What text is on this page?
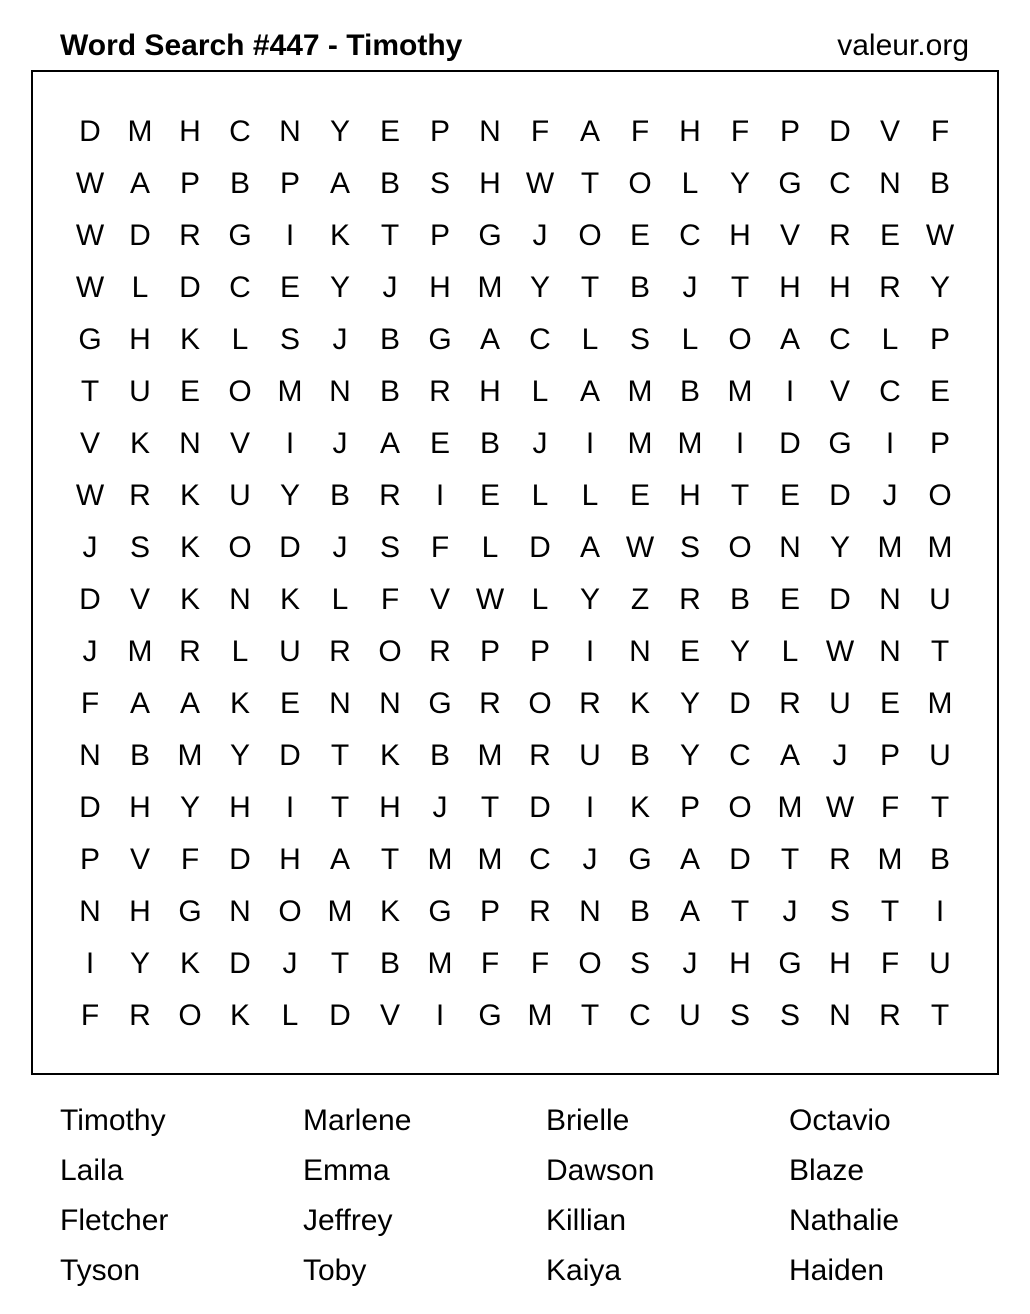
Word Search #447 - Timothy	valeur.org
D M H C N Y E P N	F	A	F	H	F	P D V	F
W A P B P A B S H W T O L	Y G C N B
W D R G	I	K	T	P G	J	O E C H V R E W
W L	D C E Y	J	H M Y	T	B	J	T	H H R Y
G H K	L	S	J	B G A C	L	S	L O A C	L	P
T	U E O M N B R H	L	A M B M	I	V C E
V K N V	I	J	A E B	J	I	M M	I	D G	I	P
W R K U Y B R	I	E	L	L	E H	T	E D	J	O
J	S K O D	J	S	F	L	D A W S O N Y M M
D V K N K	L	F	V W L	Y	Z	R B E D N U
J	M R	L	U R O R P P	I	N E Y	L W N	T
F	A A K E N N G R O R K Y D R U E M
N B M Y D	T	K B M R U B Y C A	J	P U
D H Y H	I	T	H	J	T	D	I	K P O M W F	T
P V	F	D H A	T M M C	J	G A D	T	R M B
N H G N O M K G P R N B A	T	J	S	T	I
I	Y K D	J	T	B M F	F O S	J	H G H	F	U
F	R O K	L	D V	I	G M T	C U S S N R	T
Timothy	Marlene	Brielle	Octavio
Laila	Emma	Dawson	Blaze
Fletcher	Jeffrey	Killian	Nathalie
Tyson	Toby	Kaiya	Haiden
